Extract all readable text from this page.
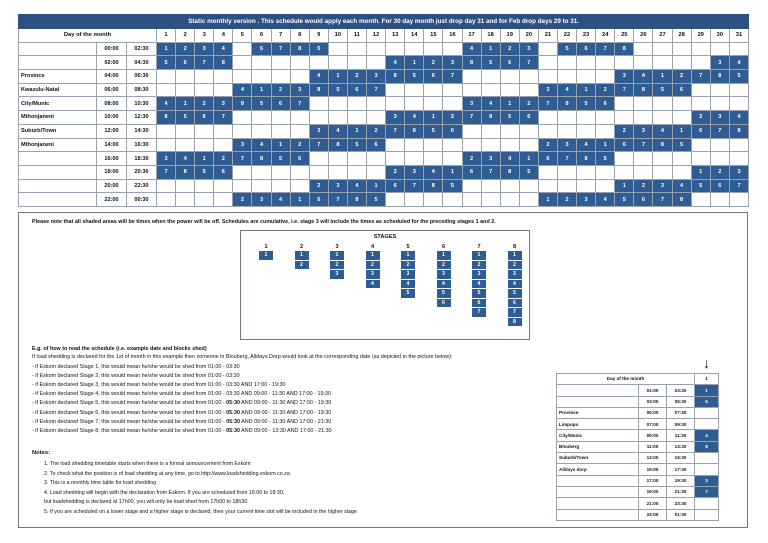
Static monthly version . This schedule would apply each month. For 30 day month just drop day 31 and for Feb drop days 29 to 31.																																	
Day of the month			1	2	3	4	5	6	7	8	9	10	11	12	13	14	15	16	17	18	19	20	21	22	23	24	25	26	27	28	29	30	31
	00:00	02:30	1	2	3	4		6	7	8	5								4	1	2	3		5	6	7	8						
	02:00	04:30	5	6	7	8									4	1	2	3	8	5	6	7										3	4
Province	04:00	06:30									4	1	2	3	8	5	6	7									3	4	1	2	7	8	5
Kwazulu-Natal	06:00	08:30					4	1	2	3	8	5	6	7									3	4	1	2	7	8	5	6			
City/Munic	08:00	10:30	4	1	2	3	8	5	6	7									3	4	1	2	7	8	5	6							
Mthonjaneni	10:00	12:30	8	5	6	7									3	4	1	2	7	8	5	6									2	3	4
Suburb/Town	12:00	14:30									3	4	1	2	7	8	5	6									2	3	4	1	6	7	8
Mthonjaneni	14:00	16:30					3	4	1	2	7	8	5	6									2	3	4	1	6	7	8	5			
	16:00	18:30	3	4	1	2	7	8	5	6									2	3	4	1	6	7	8	5							
	18:00	20:30	7	8	5	6									2	3	4	1	6	7	8	5									1	2	3
	20:00	22:30									2	3	4	1	6	7	8	5									1	2	3	4	5	6	7
	22:00	00:30					2	3	4	1	6	7	8	5									1	2	3	4	5	6	7	8			
Please note that all shaded areas will be times when the power will be off. Schedules are cumulative, i.e. stage 3 will include the times as scheduled for the preceding stages 1 and 2.
STAGES
1
1
2
1
2
3
1
2
3
4
1
2
3
4
5
1
2
3
4
5
6
1
2
3
4
5
6
7
1
2
3
4
5
6
7
8
1
2
3
4
5
6
7
8
E.g. of how to read the schedule (i.e. example date and blocks shed)
If load shedding is declared for the 1st of month in this example then someone in Blouberg, Alldays Dorp would look at the corresponding date (as depicted in the picture below):
- if Eskom declared Stage 1, this would mean he/she would be shed from 01:00 - 03:30
- if Eskom declared Stage 2, this would mean he/she would be shed from 01:00 - 03:30
- if Eskom declared Stage 3, this would mean he/she would be shed from 01:00 - 03:30 AND 17:00 - 19:30
- if Eskom declared Stage 4, this would mean he/she would be shed from 01:00 - 03:30 AND 09:00 - 11:30 AND 17:00 - 19:30
- if Eskom declared Stage 5, this would mean he/she would be shed from 01:00 - 05:30 AND 09:00 - 11:30 AND 17:00 - 19:30
- if Eskom declared Stage 6, this would mean he/she would be shed from 01:00 - 05:30 AND 09:00 - 11:30 AND 17:00 - 19:30
- if Eskom declared Stage 7, this would mean he/she would be shed from 01:00 - 05:30 AND 09:00 - 11:30 AND 17:00 - 21:30
- if Eskom declared Stage 8, this would mean he/she would be shed from 01:00 - 05:30 AND 09:00 - 13:30 AND 17:00 - 21:30
↓
Day of the month			1
	01:00	03:30	1
	03:00	05:30	5
Province	05:00	07:30	
Limpopo	07:00	09:30	
City/Munic	09:00	11:30	4
Blouberg	11:00	13:30	8
Suburb/Town	13:00	15:30	
Alldays dorp	15:00	17:30	
	17:00	19:30	3
	19:00	21:30	7
	21:00	23:30	
	23:00	01:30	
Notes:
1. The load shedding timetable starts when there is a formal announcement from Eskom
2. To check what the position is of load shedding at any time, go to http://www.loadshedding.eskom.co.za
3. This is a monthly time table for load shedding.
4. Load shedding will begin with the declaration from Eskom. If you are scheduled from 16:00 to 18:30,
but loadshedding is declared at 17h00, you will only be load shed from 17h00 to 18h30.
5. If you are scheduled on a lower stage and a higher stage is declared, then your current time slot will be included in the higher stage
